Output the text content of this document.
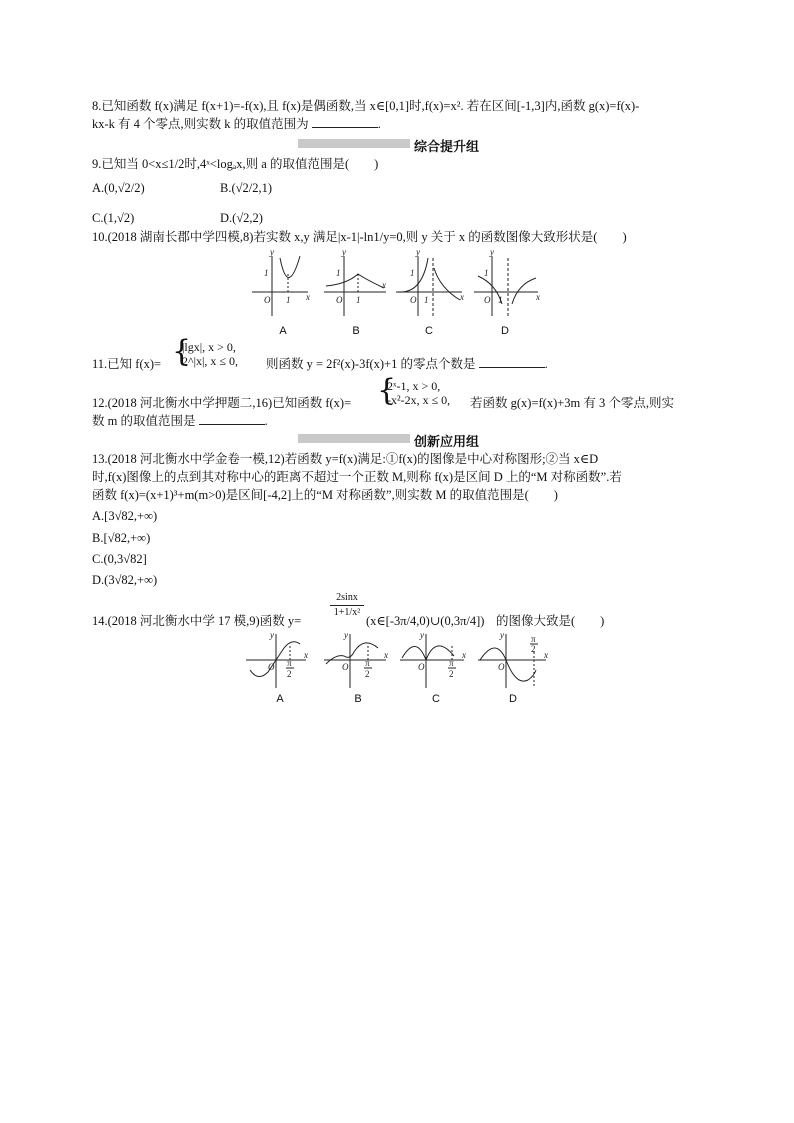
8.已知函数 f(x)满足 f(x+1)=-f(x),且 f(x)是偶函数,当 x∈[0,1]时,f(x)=x². 若在区间[-1,3]内,函数 g(x)=f(x)-
kx-k 有 4 个零点,则实数 k 的取值范围为	.
综合提升组
9.已知当 0<x≤1/2时,4ˣ<logₐx,则 a 的取值范围是(　　)
A.(0,√2/2)	B.(√2/2,1)
C.(1,√2)	D.(√2,2)
10.(2018 湖南长郡中学四模,8)若实数 x,y 满足|x-1|-ln1/y=0,则 y 关于 x 的函数图像大致形状是(　　)
y
1
O 1 x
y
1
O 1
x
y
1
O 1	x
y
1
O 1	x
A	B	C	D
11.已知 f(x)= {
|lgx|, x > 0,
2^|x|, x ≤ 0, 则函数 y = 2f²(x)-3f(x)+1 的零点个数是	.
12.(2018 河北衡水中学押题二,16)已知函数 f(x)= {
2ˣ-1, x > 0,
-x²-2x, x ≤ 0, 若函数 g(x)=f(x)+3m 有 3 个零点,则实
数 m 的取值范围是	.
创新应用组
13.(2018 河北衡水中学金卷一模,12)若函数 y=f(x)满足:①f(x)的图像是中心对称图形;②当 x∈D
时,f(x)图像上的点到其对称中心的距离不超过一个正数 M,则称 f(x)是区间 D 上的“M 对称函数”.若
函数 f(x)=(x+1)³+m(m>0)是区间[-4,2]上的“M 对称函数”,则实数 M 的取值范围是(　　)
A.[3√82,+∞)
B.[√82,+∞)
C.(0,3√82]
D.(3√82,+∞)
14.(2018 河北衡水中学 17 模,9)函数 y=
2sinx
1+1/x²
(x∈[-3π/4,0)∪(0,3π/4]) 的图像大致是(　　)
y
O
x
π
2
y
O
x
π
2
y
O
x
π
2
y
O
x
π
2
A	B	C	D
